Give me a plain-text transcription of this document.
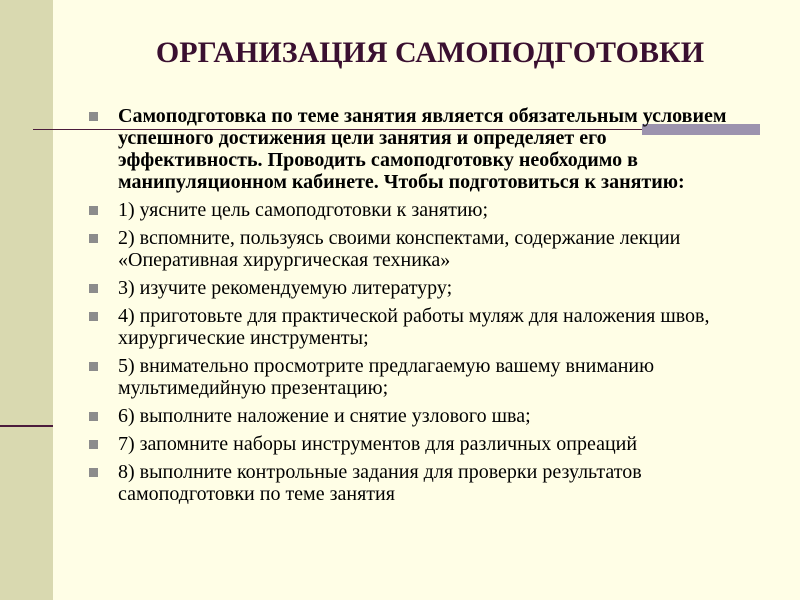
ОРГАНИЗАЦИЯ САМОПОДГОТОВКИ
Самоподготовка по теме занятия является обязательным условием успешного достижения цели занятия и определяет его эффективность. Проводить самоподготовку необходимо в манипуляционном кабинете. Чтобы подготовиться к занятию:
1) уясните цель самоподготовки к занятию;
2) вспомните, пользуясь своими конспектами, содержание лекции «Оперативная хирургическая техника»
3) изучите рекомендуемую литературу;
4) приготовьте для практической работы муляж для наложения швов, хирургические инструменты;
5) внимательно просмотрите предлагаемую вашему вниманию мультимедийную презентацию;
6) выполните наложение и снятие узлового шва;
7) запомните наборы инструментов для различных опреаций
8) выполните контрольные задания для проверки результатов самоподготовки по теме занятия
